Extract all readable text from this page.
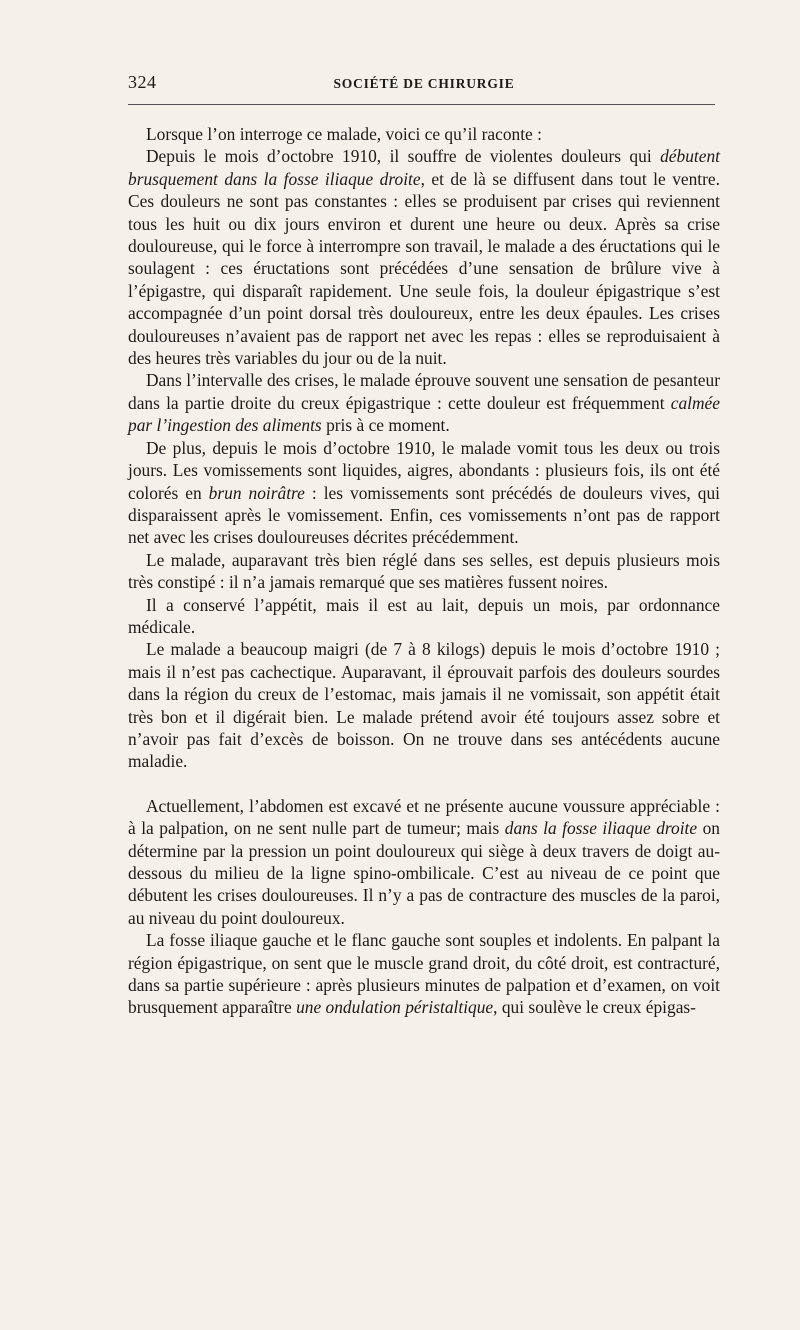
324	SOCIÉTÉ DE CHIRURGIE

Lorsque l’on interroge ce malade, voici ce qu’il raconte :

Depuis le mois d’octobre 1910, il souffre de violentes douleurs qui débutent brusquement dans la fosse iliaque droite, et de là se diffusent dans tout le ventre. Ces douleurs ne sont pas constantes : elles se produisent par crises qui reviennent tous les huit ou dix jours environ et durent une heure ou deux. Après sa crise douloureuse, qui le force à interrompre son travail, le malade a des éructations qui le soulagent : ces éructations sont précédées d’une sensation de brûlure vive à l’épigastre, qui disparaît rapidement. Une seule fois, la douleur épigastrique s’est accompagnée d’un point dorsal très douloureux, entre les deux épaules. Les crises douloureuses n’avaient pas de rapport net avec les repas : elles se reproduisaient à des heures très variables du jour ou de la nuit.

Dans l’intervalle des crises, le malade éprouve souvent une sensation de pesanteur dans la partie droite du creux épigastrique : cette douleur est fréquemment calmée par l’ingestion des aliments pris à ce moment.

De plus, depuis le mois d’octobre 1910, le malade vomit tous les deux ou trois jours. Les vomissements sont liquides, aigres, abondants : plusieurs fois, ils ont été colorés en brun noirâtre : les vomissements sont précédés de douleurs vives, qui disparaissent après le vomissement. Enfin, ces vomissements n’ont pas de rapport net avec les crises douloureuses décrites précédemment.

Le malade, auparavant très bien réglé dans ses selles, est depuis plusieurs mois très constipé : il n’a jamais remarqué que ses matières fussent noires.

Il a conservé l’appétit, mais il est au lait, depuis un mois, par ordonnance médicale.

Le malade a beaucoup maigri (de 7 à 8 kilogs) depuis le mois d’octobre 1910 ; mais il n’est pas cachectique. Auparavant, il éprouvait parfois des douleurs sourdes dans la région du creux de l’estomac, mais jamais il ne vomissait, son appétit était très bon et il digérait bien. Le malade prétend avoir été toujours assez sobre et n’avoir pas fait d’excès de boisson. On ne trouve dans ses antécédents aucune maladie.

Actuellement, l’abdomen est excavé et ne présente aucune voussure appréciable : à la palpation, on ne sent nulle part de tumeur; mais dans la fosse iliaque droite on détermine par la pression un point douloureux qui siège à deux travers de doigt au-dessous du milieu de la ligne spino-ombilicale. C’est au niveau de ce point que débutent les crises douloureuses. Il n’y a pas de contracture des muscles de la paroi, au niveau du point douloureux.

La fosse iliaque gauche et le flanc gauche sont souples et indolents. En palpant la région épigastrique, on sent que le muscle grand droit, du côté droit, est contracturé, dans sa partie supérieure : après plusieurs minutes de palpation et d’examen, on voit brusquement apparaître une ondulation péristaltique, qui soulève le creux épigas-
